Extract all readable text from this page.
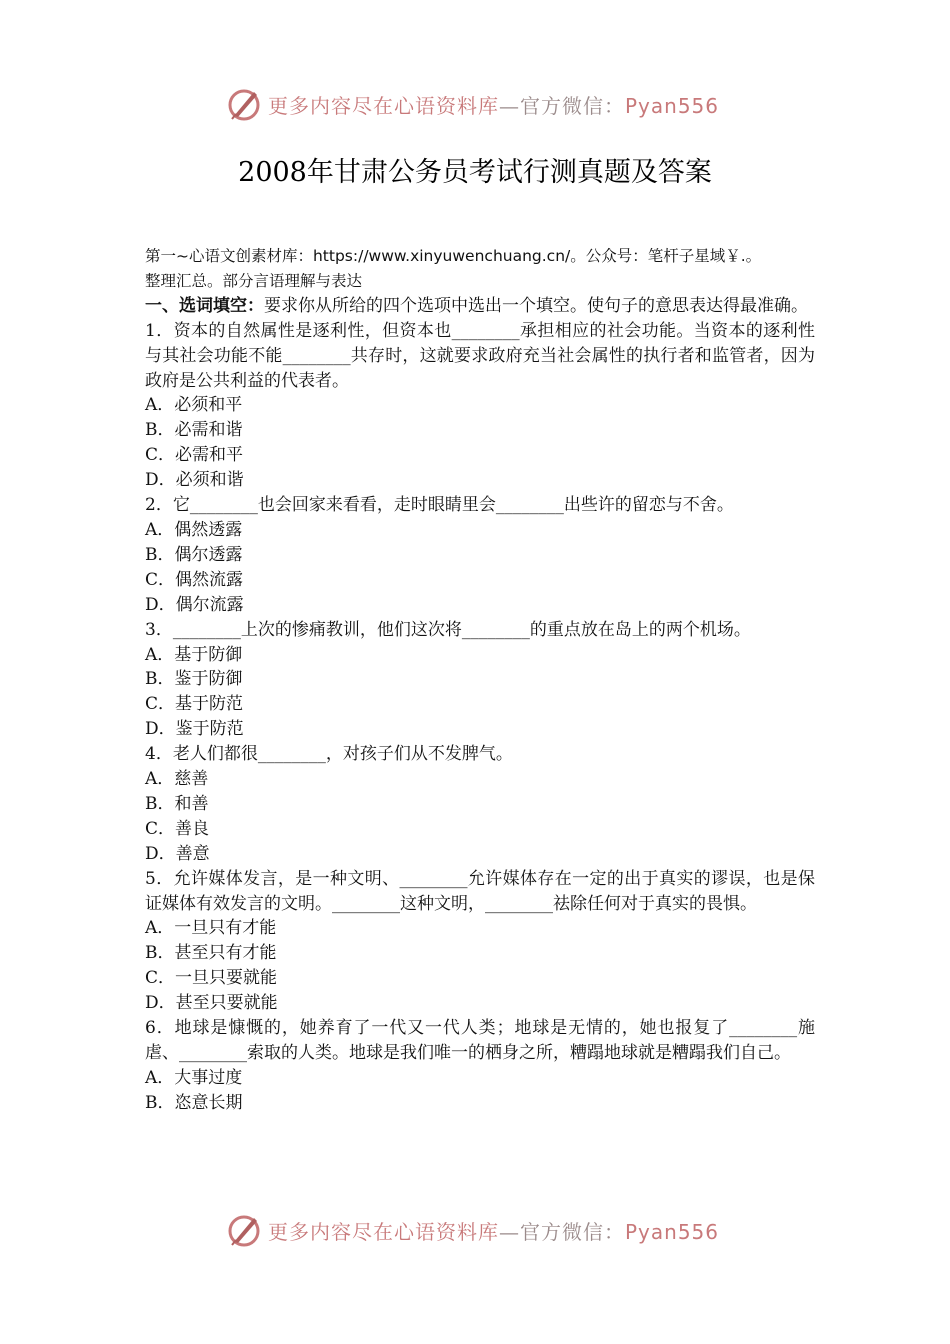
更多内容尽在心语资料库—官方微信：Pyan556
2008年甘肃公务员考试行测真题及答案

第一~心语文创素材库：https://www.xinyuwenchuang.cn/。公众号：笔杆子星域￥.。

整理汇总。部分言语理解与表达

一、选词填空：要求你从所给的四个选项中选出一个填空。使句子的意思表达得最准确。

1．资本的自然属性是逐利性，但资本也________承担相应的社会功能。当资本的逐利性与其社会功能不能________共存时，这就要求政府充当社会属性的执行者和监管者，因为政府是公共利益的代表者。

A．必须和平

B．必需和谐

C．必需和平

D．必须和谐

2．它________也会回家来看看，走时眼睛里会________出些许的留恋与不舍。

A．偶然透露

B．偶尔透露

C．偶然流露

D．偶尔流露

3．________上次的惨痛教训，他们这次将________的重点放在岛上的两个机场。

A．基于防御

B．鉴于防御

C．基于防范

D．鉴于防范

4．老人们都很________，对孩子们从不发脾气。

A．慈善

B．和善

C．善良

D．善意

5．允许媒体发言，是一种文明、________允许媒体存在一定的出于真实的谬误，也是保证媒体有效发言的文明。________这种文明，________祛除任何对于真实的畏惧。

A．一旦只有才能

B．甚至只有才能

C．一旦只要就能

D．甚至只要就能

6．地球是慷慨的，她养育了一代又一代人类；地球是无情的，她也报复了________施虐、________索取的人类。地球是我们唯一的栖身之所，糟蹋地球就是糟蹋我们自己。

A．大事过度

B．恣意长期

更多内容尽在心语资料库—官方微信：Pyan556
